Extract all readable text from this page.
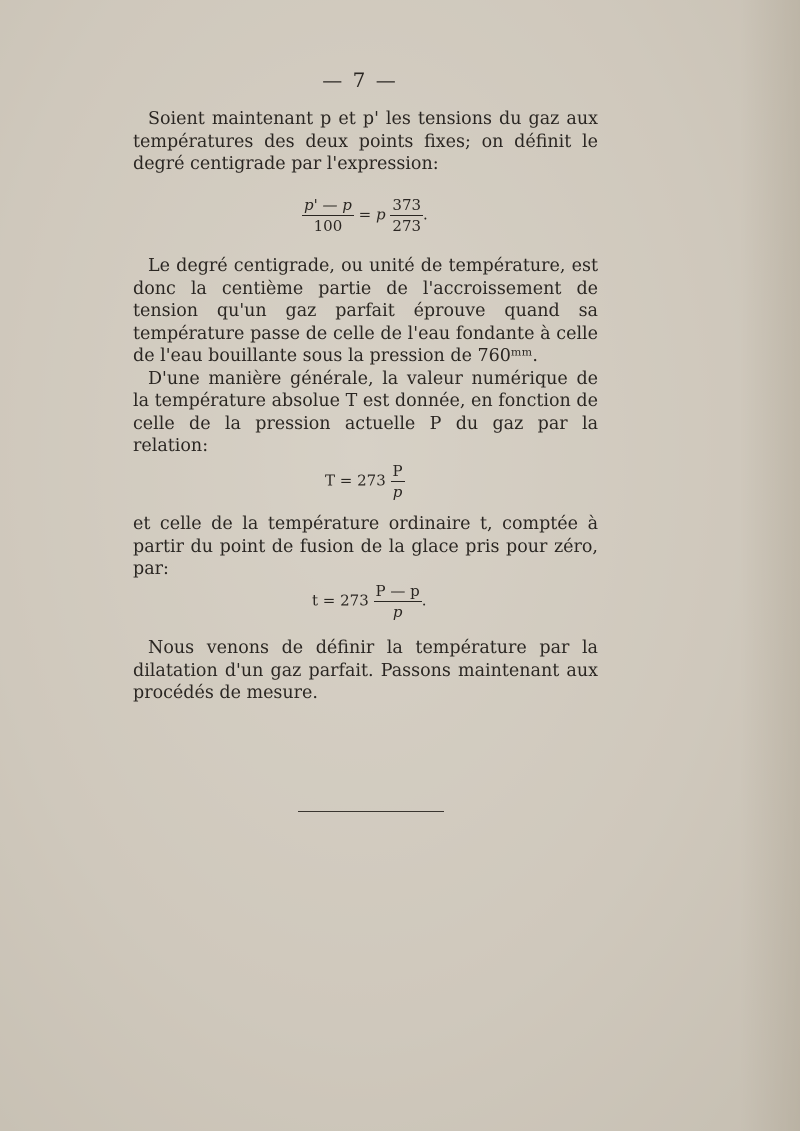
— 7 —

Soient maintenant p et p' les tensions du gaz aux températures des deux points fixes; on définit le degré centigrade par l'expression:

$\frac{p' — p}{100} = p \frac{373}{273}$ .

Le degré centigrade, ou unité de température, est donc la centième partie de l'accroissement de tension qu'un gaz parfait éprouve quand sa température passe de celle de l'eau fondante à celle de l'eau bouillante sous la pression de 760ᵐᵐ.

D'une manière générale, la valeur numérique de la température absolue T est donnée, en fonction de celle de la pression actuelle P du gaz par la relation:

$T = 273 \frac{P}{p}$

et celle de la température ordinaire t, comptée à partir du point de fusion de la glace pris pour zéro, par:

$t = 273 \frac{P — p}{p}$ .

Nous venons de définir la température par la dilatation d'un gaz parfait. Passons maintenant aux procédés de mesure.
